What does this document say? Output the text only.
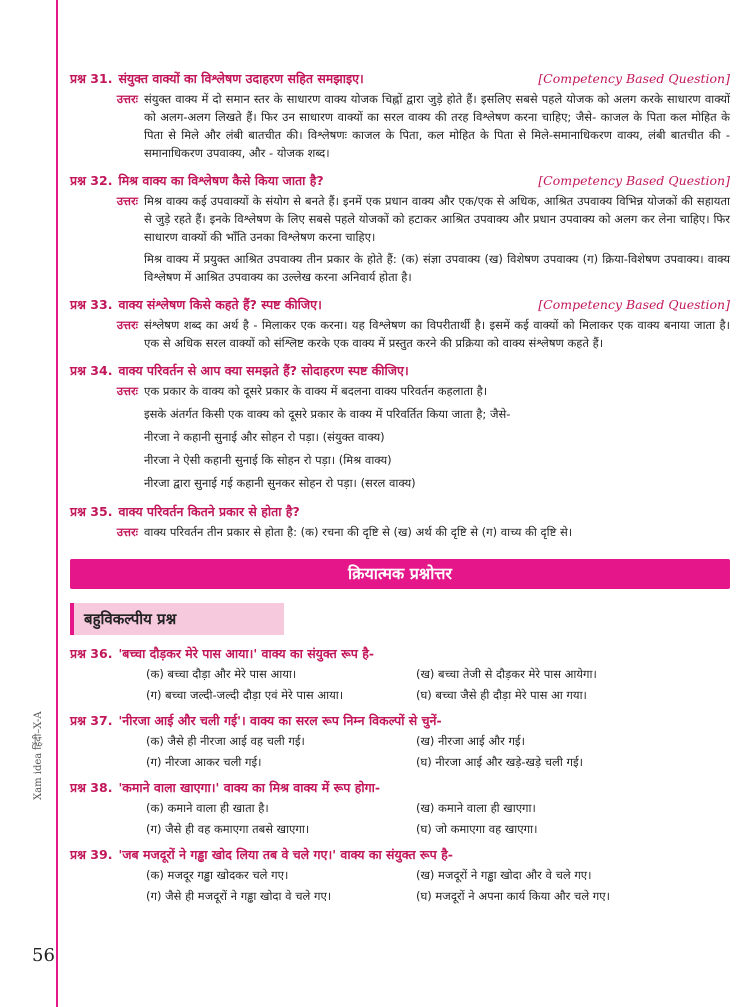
Xam idea हिंदी–X-A
56
प्रश्न 31. संयुक्त वाक्यों का विश्लेषण उदाहरण सहित समझाइए।	[Competency Based Question]
उत्तरः संयुक्त वाक्य में दो समान स्तर के साधारण वाक्य योजक चिह्नों द्वारा जुड़े होते हैं। इसलिए सबसे पहले योजक को अलग करके साधारण वाक्यों को अलग-अलग लिखते हैं। फिर उन साधारण वाक्यों का सरल वाक्य की तरह विश्लेषण करना चाहिए; जैसे- काजल के पिता कल मोहित के पिता से मिले और लंबी बातचीत की। विश्लेषणः काजल के पिता, कल मोहित के पिता से मिले-समानाधिकरण वाक्य, लंबी बातचीत की - समानाधिकरण उपवाक्य, और - योजक शब्द।

प्रश्न 32. मिश्र वाक्य का विश्लेषण कैसे किया जाता है?	[Competency Based Question]
उत्तरः मिश्र वाक्य कई उपवाक्यों के संयोग से बनते हैं। इनमें एक प्रधान वाक्य और एक/एक से अधिक, आश्रित उपवाक्य विभिन्न योजकों की सहायता से जुड़े रहते हैं। इनके विश्लेषण के लिए सबसे पहले योजकों को हटाकर आश्रित उपवाक्य और प्रधान उपवाक्य को अलग कर लेना चाहिए। फिर साधारण वाक्यों की भाँति उनका विश्लेषण करना चाहिए।

मिश्र वाक्य में प्रयुक्त आश्रित उपवाक्य तीन प्रकार के होते हैं: (क) संज्ञा उपवाक्य (ख) विशेषण उपवाक्य (ग) क्रिया-विशेषण उपवाक्य। वाक्य विश्लेषण में आश्रित उपवाक्य का उल्लेख करना अनिवार्य होता है।

प्रश्न 33. वाक्य संश्लेषण किसे कहते हैं? स्पष्ट कीजिए।	[Competency Based Question]
उत्तरः संश्लेषण शब्द का अर्थ है - मिलाकर एक करना। यह विश्लेषण का विपरीतार्थी है। इसमें कई वाक्यों को मिलाकर एक वाक्य बनाया जाता है। एक से अधिक सरल वाक्यों को संश्लिष्ट करके एक वाक्य में प्रस्तुत करने की प्रक्रिया को वाक्य संश्लेषण कहते हैं।

प्रश्न 34. वाक्य परिवर्तन से आप क्या समझते हैं? सोदाहरण स्पष्ट कीजिए।
उत्तरः एक प्रकार के वाक्य को दूसरे प्रकार के वाक्य में बदलना वाक्य परिवर्तन कहलाता है।

इसके अंतर्गत किसी एक वाक्य को दूसरे प्रकार के वाक्य में परिवर्तित किया जाता है; जैसे-

नीरजा ने कहानी सुनाई और सोहन रो पड़ा। (संयुक्त वाक्य)

नीरजा ने ऐसी कहानी सुनाई कि सोहन रो पड़ा। (मिश्र वाक्य)

नीरजा द्वारा सुनाई गई कहानी सुनकर सोहन रो पड़ा। (सरल वाक्य)

प्रश्न 35. वाक्य परिवर्तन कितने प्रकार से होता है?
उत्तरः वाक्य परिवर्तन तीन प्रकार से होता है: (क) रचना की दृष्टि से (ख) अर्थ की दृष्टि से (ग) वाच्य की दृष्टि से।

क्रियात्मक प्रश्नोत्तर
बहुविकल्पीय प्रश्न
प्रश्न 36. 'बच्चा दौड़कर मेरे पास आया।' वाक्य का संयुक्त रूप है-
(क) बच्चा दौड़ा और मेरे पास आया।	(ख) बच्चा तेजी से दौड़कर मेरे पास आयेगा।
(ग) बच्चा जल्दी-जल्दी दौड़ा एवं मेरे पास आया।	(घ) बच्चा जैसे ही दौड़ा मेरे पास आ गया।
प्रश्न 37. 'नीरजा आई और चली गई'। वाक्य का सरल रूप निम्न विकल्पों से चुनें-
(क) जैसे ही नीरजा आई वह चली गई।	(ख) नीरजा आई और गई।
(ग) नीरजा आकर चली गई।	(घ) नीरजा आई और खड़े-खड़े चली गई।
प्रश्न 38. 'कमाने वाला खाएगा।' वाक्य का मिश्र वाक्य में रूप होगा-
(क) कमाने वाला ही खाता है।	(ख) कमाने वाला ही खाएगा।
(ग) जैसे ही वह कमाएगा तबसे खाएगा।	(घ) जो कमाएगा वह खाएगा।
प्रश्न 39. 'जब मजदूरों ने गड्ढा खोद लिया तब वे चले गए।' वाक्य का संयुक्त रूप है-
(क) मजदूर गड्ढा खोदकर चले गए।	(ख) मजदूरों ने गड्ढा खोदा और वे चले गए।
(ग) जैसे ही मजदूरों ने गड्ढा खोदा वे चले गए।	(घ) मजदूरों ने अपना कार्य किया और चले गए।
